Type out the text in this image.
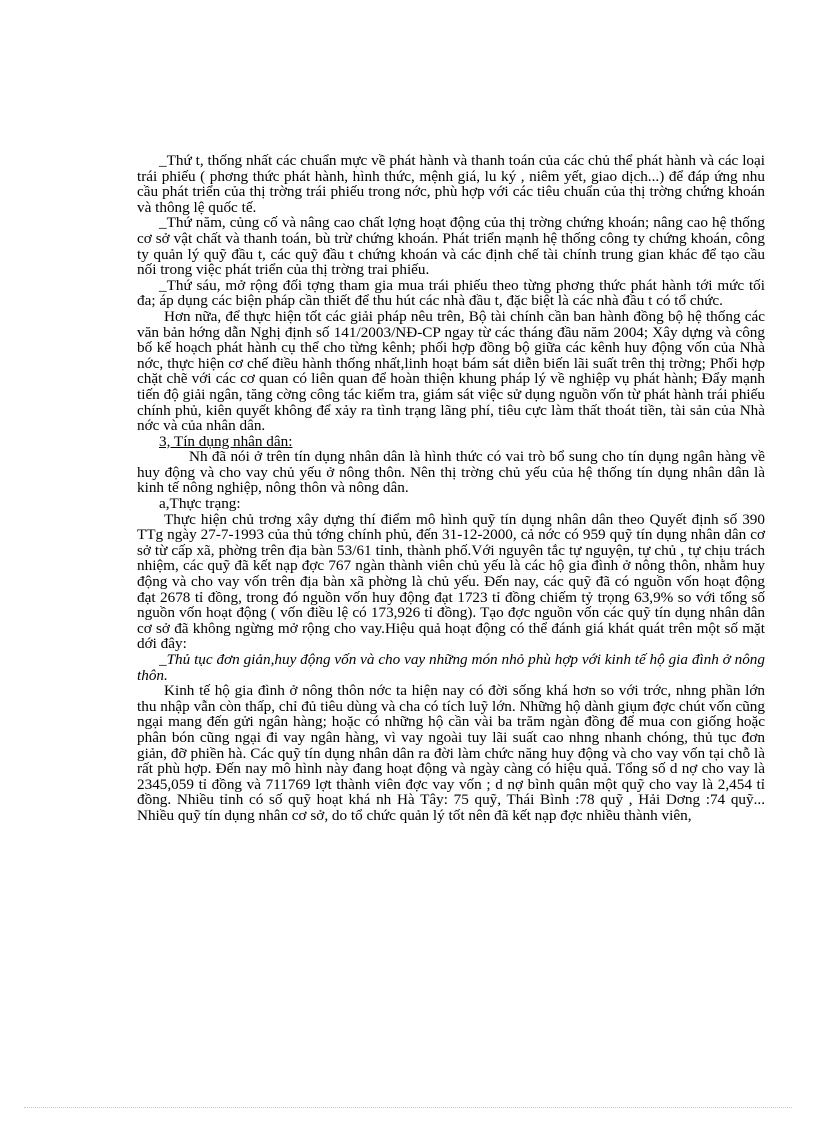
_Thứ t, thống nhất các chuẩn mực về phát hành và thanh toán của các chủ thể phát hành và các loại trái phiếu ( phơng thức phát hành, hình thức, mệnh giá, lu ký , niêm yết, giao dịch...) để đáp ứng nhu cầu phát triển của thị trờng trái phiếu trong nớc, phù hợp với các tiêu chuẩn của thị trờng chứng khoán và thông lệ quốc tế.

_Thứ năm, củng cố và nâng cao chất lợng hoạt động của thị trờng chứng khoán; nâng cao hệ thống cơ sở vật chất và thanh toán, bù trừ chứng khoán. Phát triển mạnh hệ thống công ty chứng khoán, công ty quản lý quỹ đầu t, các quỹ đầu t chứng khoán và các định chế tài chính trung gian khác để tạo cầu nối trong việc phát triển của thị trờng trai phiếu.

_Thứ sáu, mở rộng đối tợng tham gia mua trái phiếu theo từng phơng thức phát hành tới mức tối đa; áp dụng các biện pháp cần thiết để thu hút các nhà đầu t, đặc biệt là các nhà đầu t có tổ chức.

Hơn nữa, để thực hiện tốt các giải pháp nêu trên, Bộ tài chính cần ban hành đồng bộ hệ thống các văn bản hớng dẫn Nghị định số 141/2003/NĐ-CP ngay từ các tháng đầu năm 2004; Xây dựng và công bố kế hoạch phát hành cụ thể cho từng kênh; phối hợp đồng bộ giữa các kênh huy động vốn của Nhà nớc, thực hiện cơ chế điều hành thống nhất,linh hoạt bám sát diễn biến lãi suất trên thị trờng; Phối hợp chặt chẽ với các cơ quan có liên quan để hoàn thiện khung pháp lý về nghiệp vụ phát hành; Đẩy mạnh tiến độ giải ngân, tăng cờng công tác kiểm tra, giám sát việc sử dụng nguồn vốn từ phát hành trái phiếu chính phủ, kiên quyết không để xảy ra tình trạng lãng phí, tiêu cực làm thất thoát tiền, tài sản của Nhà nớc và của nhân dân.

3, Tín dụng nhân dân:

Nh đã nói ở trên tín dụng nhân dân là hình thức có vai trò bổ sung cho tín dụng ngân hàng về huy động và cho vay chủ yếu ở nông thôn. Nên thị trờng chủ yếu của hệ thống tín dụng nhân dân là kinh tế nông nghiệp, nông thôn và nông dân.

a,Thực trạng:

Thực hiện chủ trơng xây dựng thí điểm mô hình quỹ tín dụng nhân dân theo Quyết định số 390 TTg ngày 27-7-1993 của thủ tớng chính phủ, đến 31-12-2000, cả nớc có 959 quỹ tín dụng nhân dân cơ sở từ cấp xã, phờng trên địa bàn 53/61 tỉnh, thành phố.Với nguyên tắc tự nguyện, tự chủ , tự chịu trách nhiệm, các quỹ đã kết nạp đợc 767 ngàn thành viên chủ yếu là các hộ gia đình ở nông thôn, nhằm huy động và cho vay vốn trên địa bàn xã phờng là chủ yếu. Đến nay, các quỹ đã có nguồn vốn hoạt động đạt 2678 tỉ đồng, trong đó nguồn vốn huy động đạt 1723 tỉ đồng chiếm tỷ trọng 63,9% so với tổng số nguồn vốn hoạt động ( vốn điều lệ có 173,926 tỉ đồng). Tạo đợc nguồn vốn các quỹ tín dụng nhân dân cơ sở đã không ngừng mở rộng cho vay.Hiệu quả hoạt động có thể đánh giá khát quát trên một số mặt dới đây:

_Thủ tục đơn giản,huy động vốn và cho vay những món nhỏ phù hợp với kinh tế hộ gia đình ở nông thôn.

Kinh tế hộ gia đình ở nông thôn nớc ta hiện nay có đời sống khá hơn so với trớc, nhng phần lớn thu nhập vẫn còn thấp, chỉ đủ tiêu dùng và cha có tích luỹ lớn. Những hộ dành giụm đợc chút vốn cũng ngại mang đến gửi ngân hàng; hoặc có những hộ cần vài ba trăm ngàn đồng để mua con giống hoặc phân bón cũng ngại đi vay ngân hàng, vì vay ngoài tuy lãi suất cao nhng nhanh chóng, thủ tục đơn giản, đỡ phiền hà. Các quỹ tín dụng nhân dân ra đời làm chức năng huy động và cho vay vốn tại chỗ là rất phù hợp. Đến nay mô hình này đang hoạt động và ngày càng có hiệu quả. Tổng số d nợ cho vay là 2345,059 tỉ đồng và 711769 lợt thành viên đợc vay vốn ; d nợ bình quân một quỹ cho vay là 2,454 tỉ đồng. Nhiều tỉnh có số quỹ hoạt khá nh Hà Tây: 75 quỹ, Thái Bình :78 quỹ , Hải Dơng :74 quỹ... Nhiều quỹ tín dụng nhân cơ sở, do tổ chức quản lý tốt nên đã kết nạp đợc nhiều thành viên,
